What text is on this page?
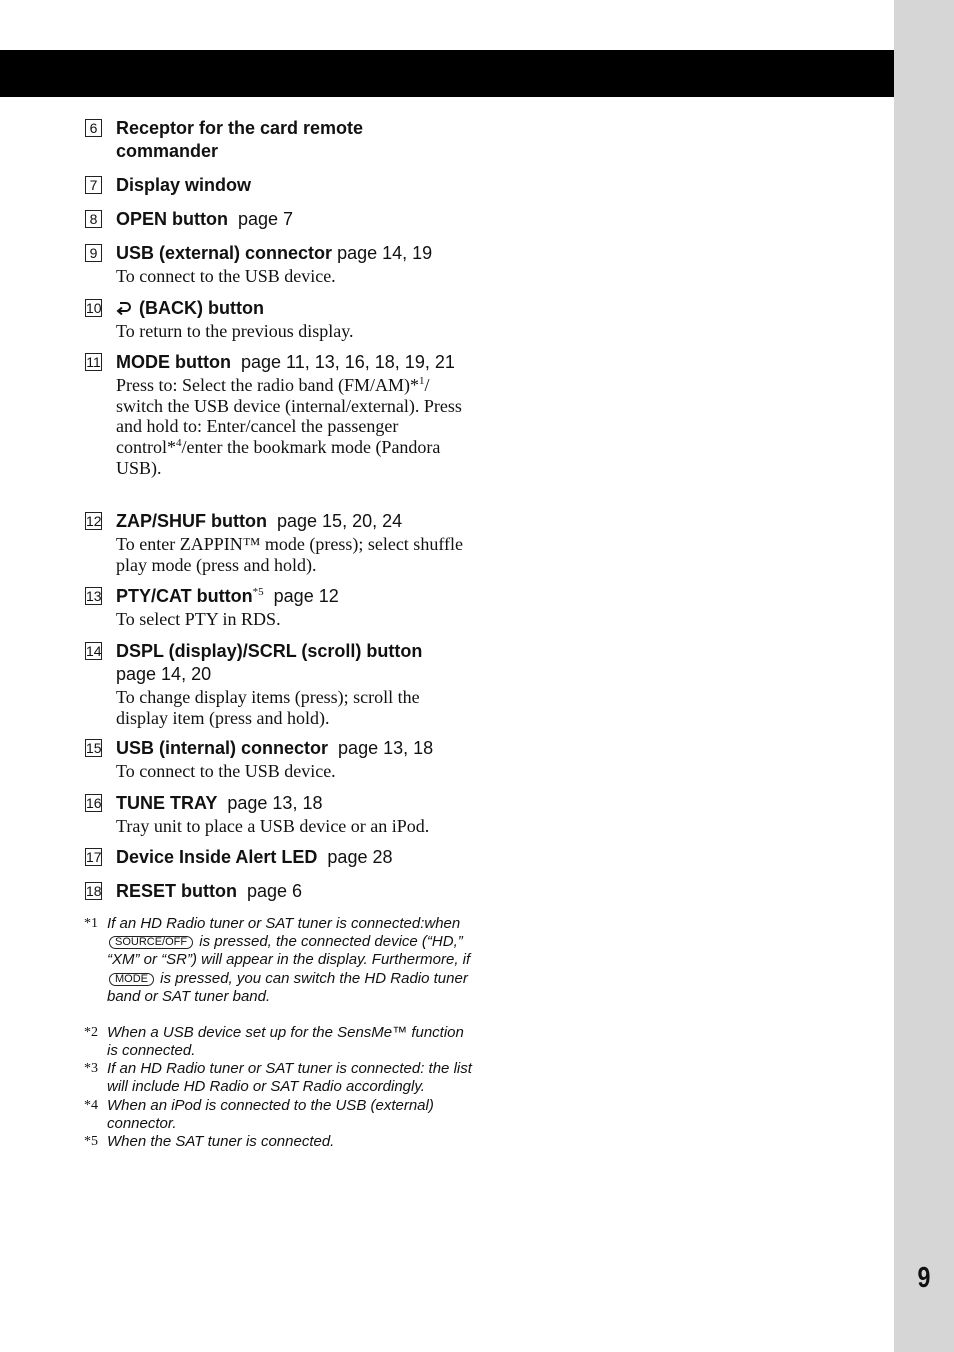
9
6 Receptor for the card remote commander
7 Display window
8 OPEN button page 7
9 USB (external) connector page 14, 19
To connect to the USB device.
10	(BACK) button
To return to the previous display.
11 MODE button page 11, 13, 16, 18, 19, 21
Press to: Select the radio band (FM/AM)*$^1$/ switch the USB device (internal/external). Press and hold to: Enter/cancel the passenger control*$^4$/enter the bookmark mode (Pandora USB).
12 ZAP/SHUF button page 15, 20, 24
To enter ZAPPIN™ mode (press); select shuffle play mode (press and hold).
13 PTY/CAT button$^{*5}$ page 12
To select PTY in RDS.
14 DSPL (display)/SCRL (scroll) button
page 14, 20
To change display items (press); scroll the display item (press and hold).
15 USB (internal) connector page 13, 18
To connect to the USB device.
16 TUNE TRAY page 13, 18
Tray unit to place a USB device or an iPod.
17 Device Inside Alert LED page 28
18 RESET button page 6
*1 If an HD Radio tuner or SAT tuner is connected:when SOURCE/OFF is pressed, the connected device (“HD,” “XM” or “SR”) will appear in the display. Furthermore, if MODE is pressed, you can switch the HD Radio tuner band or SAT tuner band.
*2 When a USB device set up for the SensMe™ function is connected.
*3 If an HD Radio tuner or SAT tuner is connected: the list will include HD Radio or SAT Radio accordingly.
*4 When an iPod is connected to the USB (external) connector.
*5 When the SAT tuner is connected.
